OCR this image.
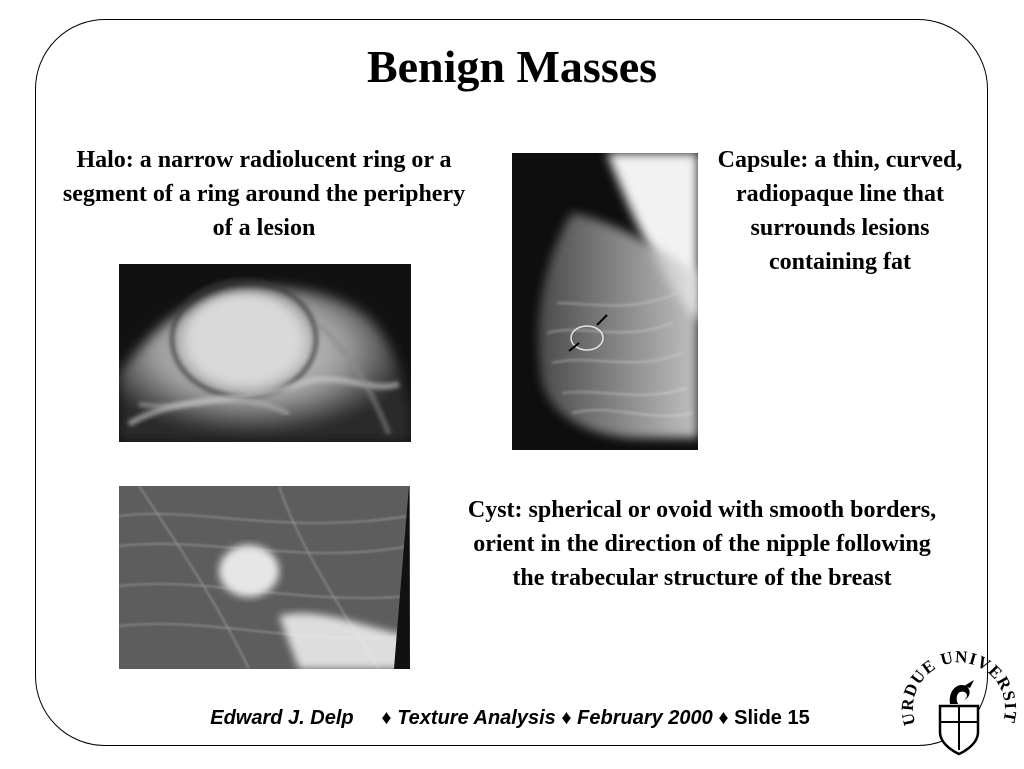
Benign Masses
Halo: a narrow radiolucent ring or a segment of a ring around the periphery of a lesion
Capsule: a thin, curved, radiopaque line that surrounds lesions containing fat
Cyst: spherical or ovoid with smooth borders, orient in the direction of the nipple following the trabecular structure of the breast
Edward J. Delp ♦ Texture Analysis ♦ February 2000 ♦ Slide 15	U DUE UNIVERS
